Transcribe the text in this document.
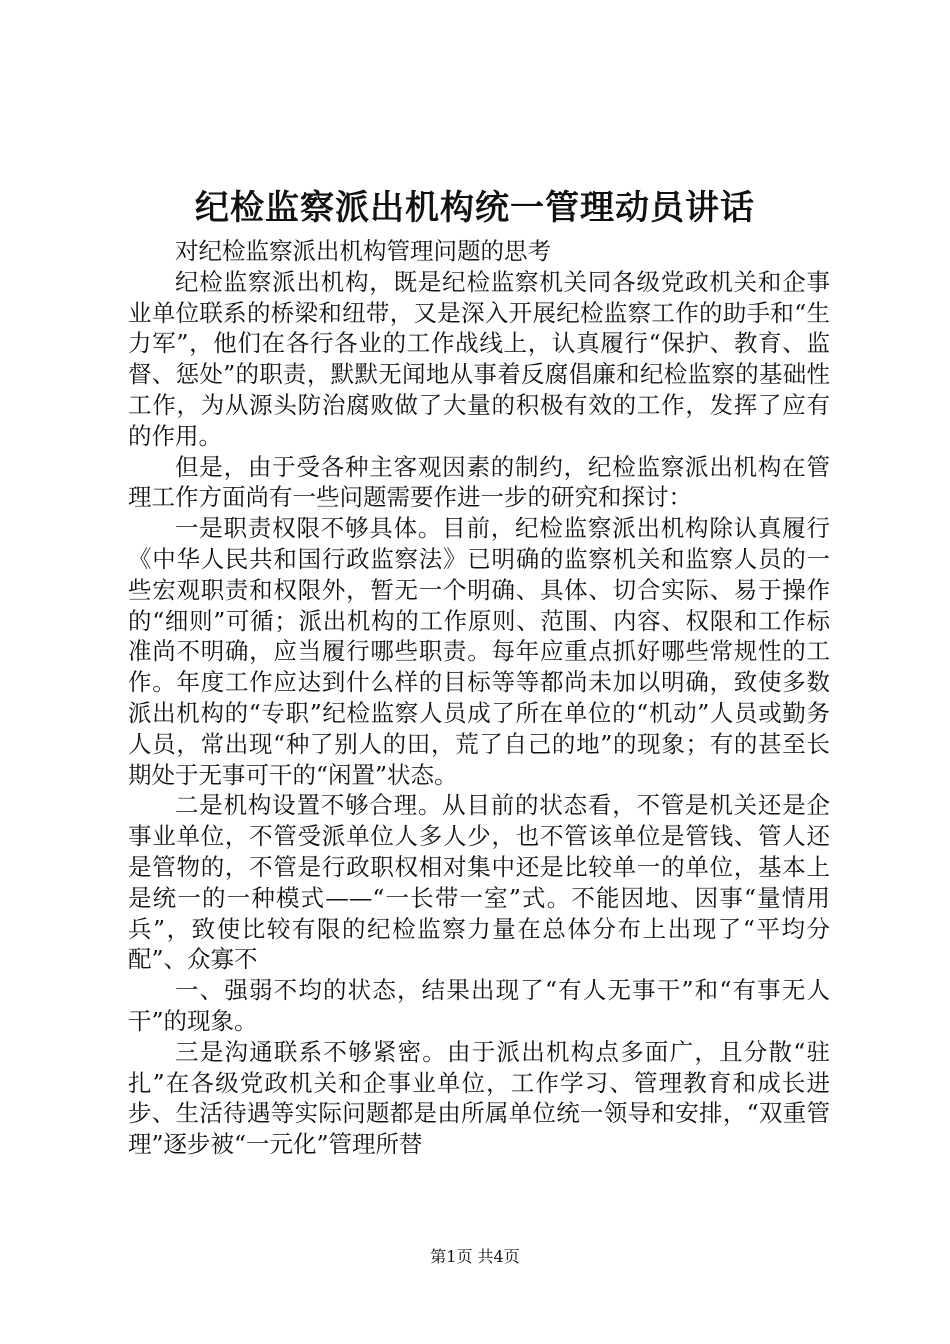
纪检监察派出机构统一管理动员讲话

对纪检监察派出机构管理问题的思考

纪检监察派出机构，既是纪检监察机关同各级党政机关和企事业单位联系的桥梁和纽带，又是深入开展纪检监察工作的助手和“生力军”，他们在各行各业的工作战线上，认真履行“保护、教育、监督、惩处”的职责，默默无闻地从事着反腐倡廉和纪检监察的基础性工作，为从源头防治腐败做了大量的积极有效的工作，发挥了应有的作用。

但是，由于受各种主客观因素的制约，纪检监察派出机构在管理工作方面尚有一些问题需要作进一步的研究和探讨：

一是职责权限不够具体。目前，纪检监察派出机构除认真履行《中华人民共和国行政监察法》已明确的监察机关和监察人员的一些宏观职责和权限外，暂无一个明确、具体、切合实际、易于操作的“细则”可循；派出机构的工作原则、范围、内容、权限和工作标准尚不明确，应当履行哪些职责。每年应重点抓好哪些常规性的工作。年度工作应达到什么样的目标等等都尚未加以明确，致使多数派出机构的“专职”纪检监察人员成了所在单位的“机动”人员或勤务人员，常出现“种了别人的田，荒了自己的地”的现象；有的甚至长期处于无事可干的“闲置”状态。

二是机构设置不够合理。从目前的状态看，不管是机关还是企事业单位，不管受派单位人多人少，也不管该单位是管钱、管人还是管物的，不管是行政职权相对集中还是比较单一的单位，基本上是统一的一种模式——“一长带一室”式。不能因地、因事“量情用兵”，致使比较有限的纪检监察力量在总体分布上出现了“平均分配”、众寡不

一、强弱不均的状态，结果出现了“有人无事干”和“有事无人干”的现象。

三是沟通联系不够紧密。由于派出机构点多面广，且分散“驻扎”在各级党政机关和企事业单位，工作学习、管理教育和成长进步、生活待遇等实际问题都是由所属单位统一领导和安排，“双重管理”逐步被“一元化”管理所替

第1页 共4页
